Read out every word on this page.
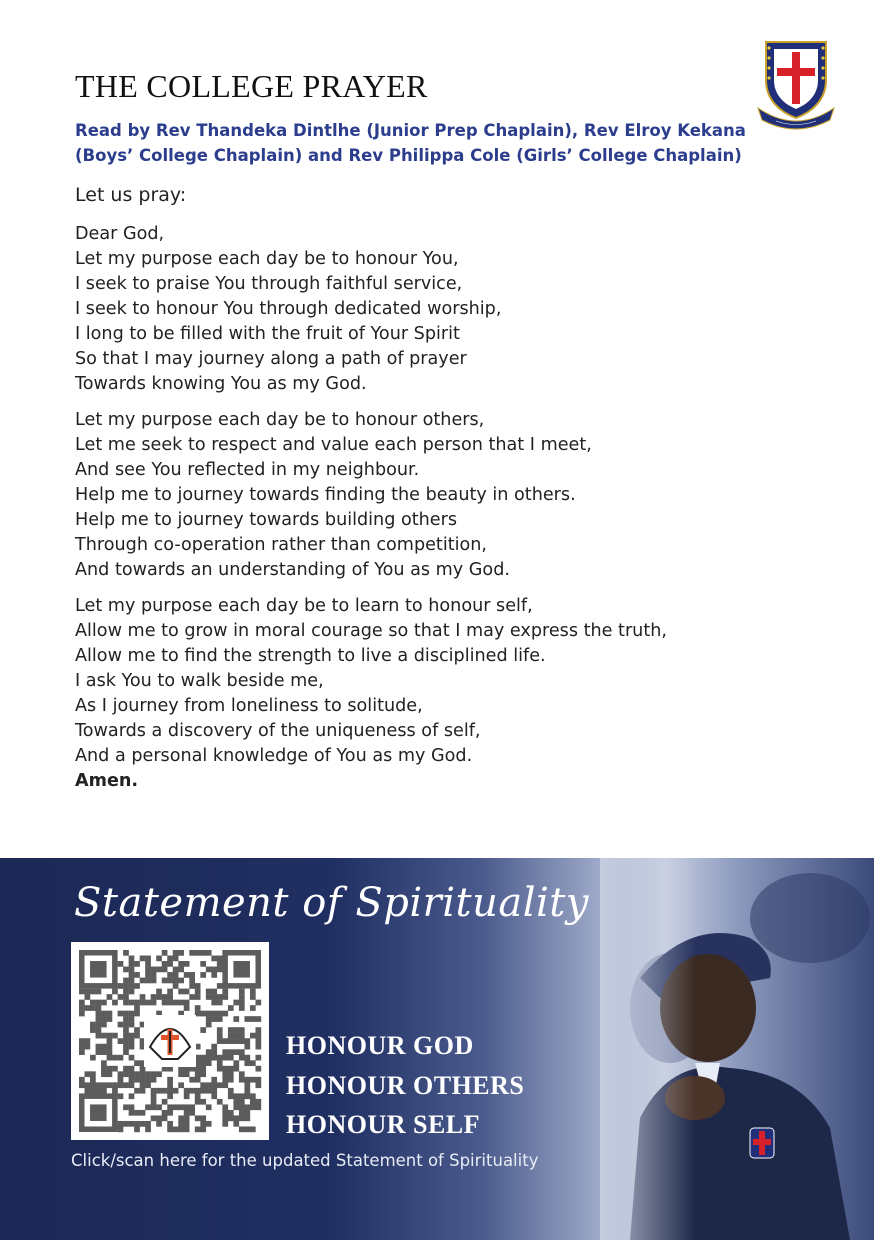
THE COLLEGE PRAYER
Read by Rev Thandeka Dintlhe (Junior Prep Chaplain), Rev Elroy Kekana (Boys’ College Chaplain) and Rev Philippa Cole (Girls’ College Chaplain)
Let us pray:
Dear God,
Let my purpose each day be to honour You,
I seek to praise You through faithful service,
I seek to honour You through dedicated worship,
I long to be filled with the fruit of Your Spirit
So that I may journey along a path of prayer
Towards knowing You as my God.
Let my purpose each day be to honour others,
Let me seek to respect and value each person that I meet,
And see You reflected in my neighbour.
Help me to journey towards finding the beauty in others.
Help me to journey towards building others
Through co-operation rather than competition,
And towards an understanding of You as my God.
Let my purpose each day be to learn to honour self,
Allow me to grow in moral courage so that I may express the truth,
Allow me to find the strength to live a disciplined life.
I ask You to walk beside me,
As I journey from loneliness to solitude,
Towards a discovery of the uniqueness of self,
And a personal knowledge of You as my God.
Amen.
Statement of Spirituality
HONOUR GOD
HONOUR OTHERS
HONOUR SELF
Click/scan here for the updated Statement of Spirituality
